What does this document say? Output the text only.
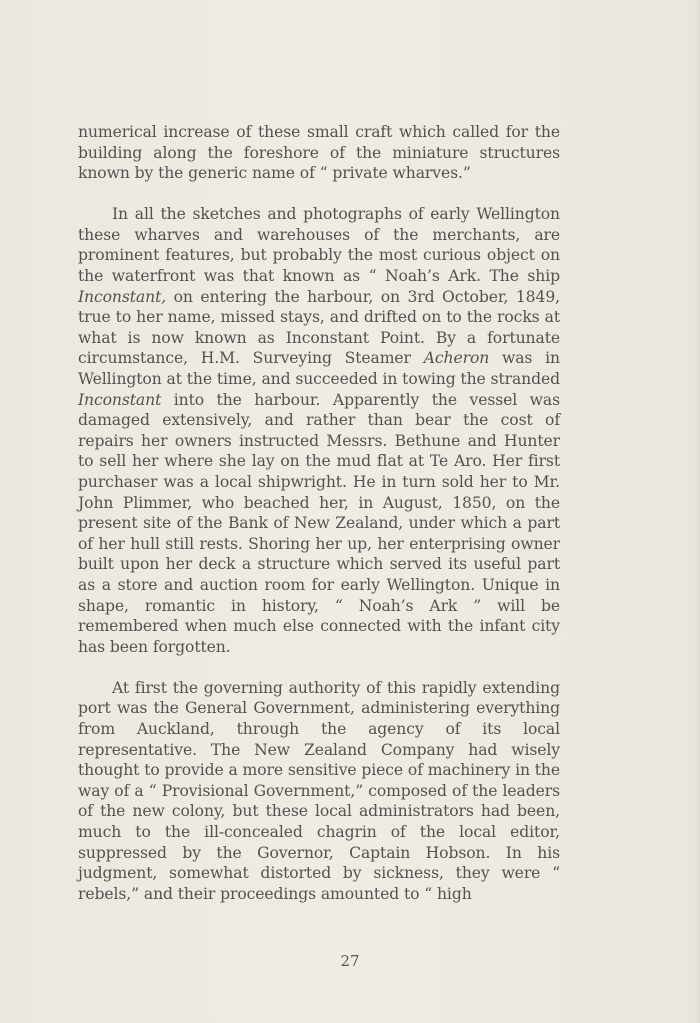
numerical increase of these small craft which called for the building along the foreshore of the miniature structures known by the generic name of “ private wharves.”

In all the sketches and photographs of early Wellington these wharves and warehouses of the merchants, are prominent features, but probably the most curious object on the waterfront was that known as “ Noah’s Ark. The ship Inconstant, on entering the harbour, on 3rd October, 1849, true to her name, missed stays, and drifted on to the rocks at what is now known as Inconstant Point. By a fortunate circumstance, H.M. Surveying Steamer Acheron was in Wellington at the time, and succeeded in towing the stranded Inconstant into the harbour. Apparently the vessel was damaged extensively, and rather than bear the cost of repairs her owners instructed Messrs. Bethune and Hunter to sell her where she lay on the mud flat at Te Aro. Her first purchaser was a local shipwright. He in turn sold her to Mr. John Plimmer, who beached her, in August, 1850, on the present site of the Bank of New Zealand, under which a part of her hull still rests. Shoring her up, her enterprising owner built upon her deck a structure which served its useful part as a store and auction room for early Wellington. Unique in shape, romantic in history, “ Noah’s Ark ” will be remembered when much else connected with the infant city has been forgotten.

At first the governing authority of this rapidly extending port was the General Government, administering everything from Auckland, through the agency of its local representative. The New Zealand Company had wisely thought to provide a more sensitive piece of machinery in the way of a “ Provisional Government,” composed of the leaders of the new colony, but these local administrators had been, much to the ill-concealed chagrin of the local editor, suppressed by the Governor, Captain Hobson. In his judgment, somewhat distorted by sickness, they were “ rebels,” and their proceedings amounted to “ high

27
